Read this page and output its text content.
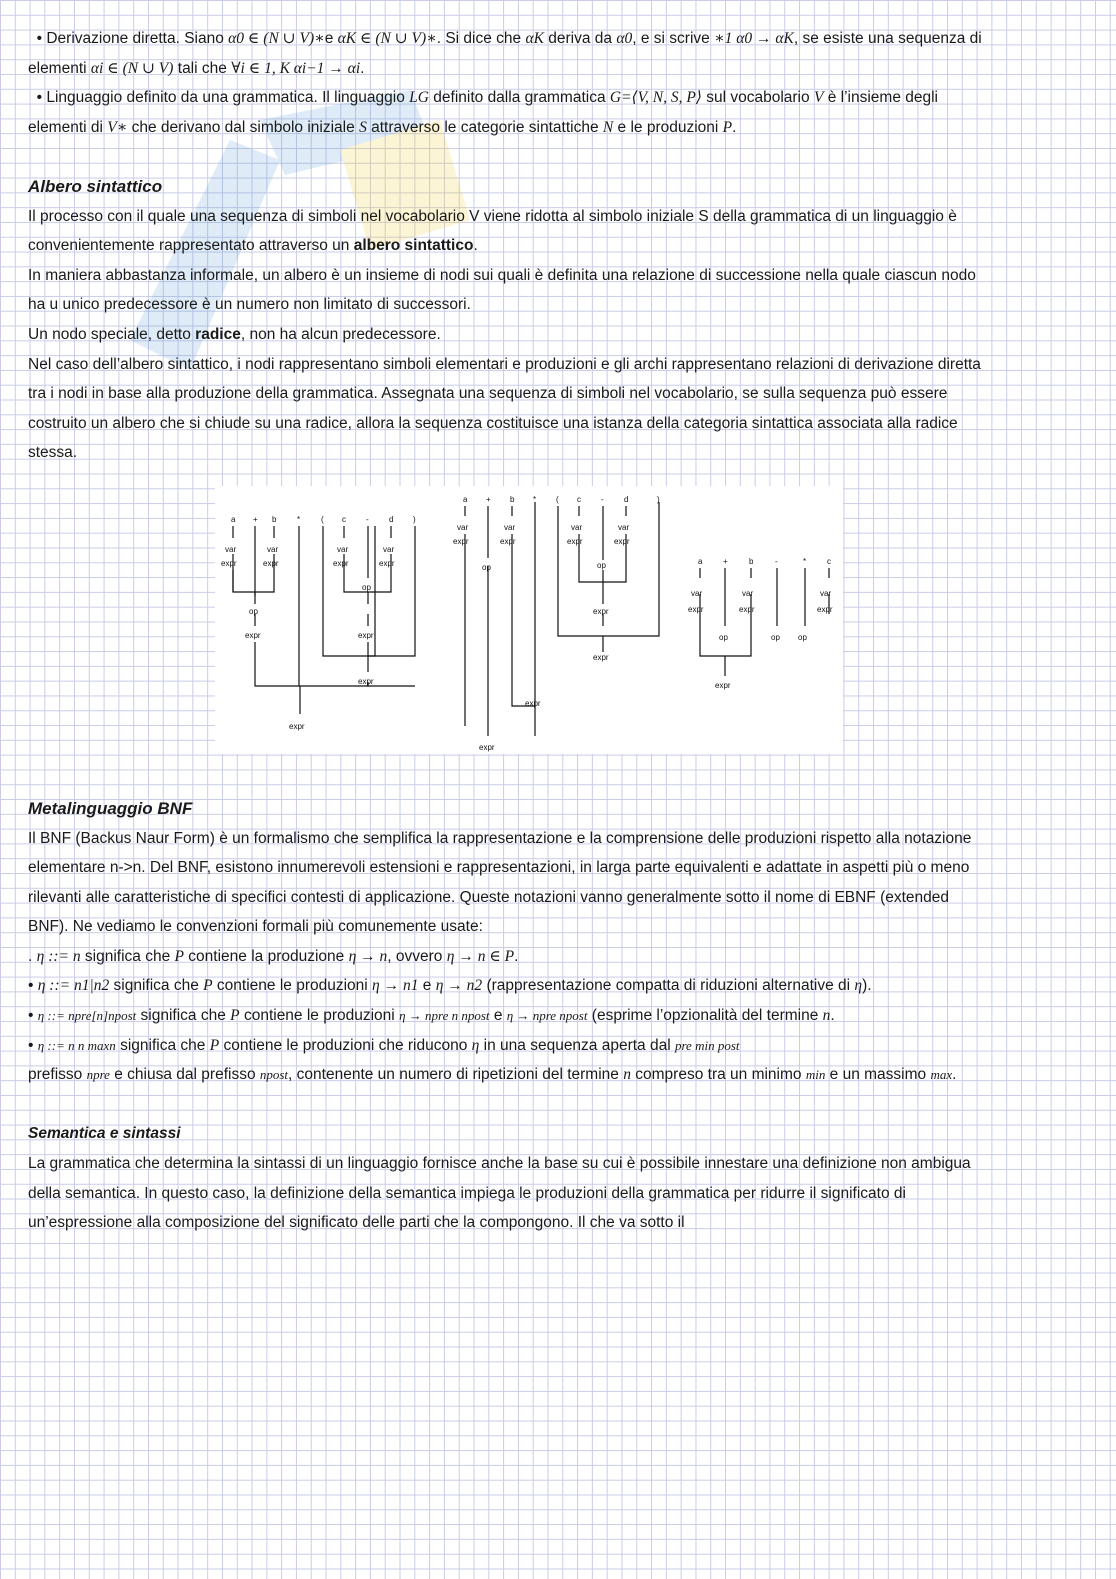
• Derivazione diretta. Siano α0 ∈ (N ∪ V)∗e αK ∈ (N ∪ V)∗. Si dice che αK deriva da α0, e si scrive ∗1 α0 → αK, se esiste una sequenza di

elementi αi ∈ (N ∪ V) tali che ∀i ∈ 1, K αi−1 → αi.

• Linguaggio definito da una grammatica. Il linguaggio LG definito dalla grammatica G=⟨V, N, S, P⟩ sul vocabolario V è l’insieme degli

elementi di V∗ che derivano dal simbolo iniziale S attraverso le categorie sintattiche N e le produzioni P.

Albero sintattico

Il processo con il quale una sequenza di simboli nel vocabolario V viene ridotta al simbolo iniziale S della grammatica di un linguaggio è

convenientemente rappresentato attraverso un albero sintattico.

In maniera abbastanza informale, un albero è un insieme di nodi sui quali è definita una relazione di successione nella quale ciascun nodo

ha u unico predecessore è un numero non limitato di successori.

Un nodo speciale, detto radice, non ha alcun predecessore.

Nel caso dell’albero sintattico, i nodi rappresentano simboli elementari e produzioni e gli archi rappresentano relazioni di derivazione diretta

tra i nodi in base alla produzione della grammatica. Assegnata una sequenza di simboli nel vocabolario, se sulla sequenza può essere

costruito un albero che si chiude su una radice, allora la sequenza costituisce una istanza della categoria sintattica associata alla radice

stessa.

Metalinguaggio BNF

Il BNF (Backus Naur Form) è un formalismo che semplifica la rappresentazione e la comprensione delle produzioni rispetto alla notazione

elementare n->n. Del BNF, esistono innumerevoli estensioni e rappresentazioni, in larga parte equivalenti e adattate in aspetti più o meno

rilevanti alle caratteristiche di specifici contesti di applicazione. Queste notazioni vanno generalmente sotto il nome di EBNF (extended

BNF). Ne vediamo le convenzioni formali più comunemente usate:

. η ::= n significa che P contiene la produzione η → n, ovvero η → n ∈ P.

• η ::= n1|n2 significa che P contiene le produzioni η → n1 e η → n2 (rappresentazione compatta di riduzioni alternative di η).

• η ::= npre[n]npost significa che P contiene le produzioni η → npre n npost e η → npre npost (esprime l’opzionalità del termine n.

• η ::= n n maxn significa che P contiene le produzioni che riducono η in una sequenza aperta dal pre min post

prefisso npre e chiusa dal prefisso npost, contenente un numero di ripetizioni del termine n compreso tra un minimo min e un massimo max.

Semantica e sintassi

La grammatica che determina la sintassi di un linguaggio fornisce anche la base su cui è possibile innestare una definizione non ambigua

della semantica. In questo caso, la definizione della semantica impiega le produzioni della grammatica per ridurre il significato di

un’espressione alla composizione del significato delle parti che la compongono. Il che va sotto il

a + b	*	( c	-	d )
var
expr
var
expr
op
expr
var
expr
var
expr
op
expr
expr
expr
a + b * ( c	-	d	)
var
expr
var
expr
op
var
expr
var
expr
op
expr
expr
expr
expr
a	+	b	-	*	c
var
expr
var
expr
var
expr
op	op op
expr
